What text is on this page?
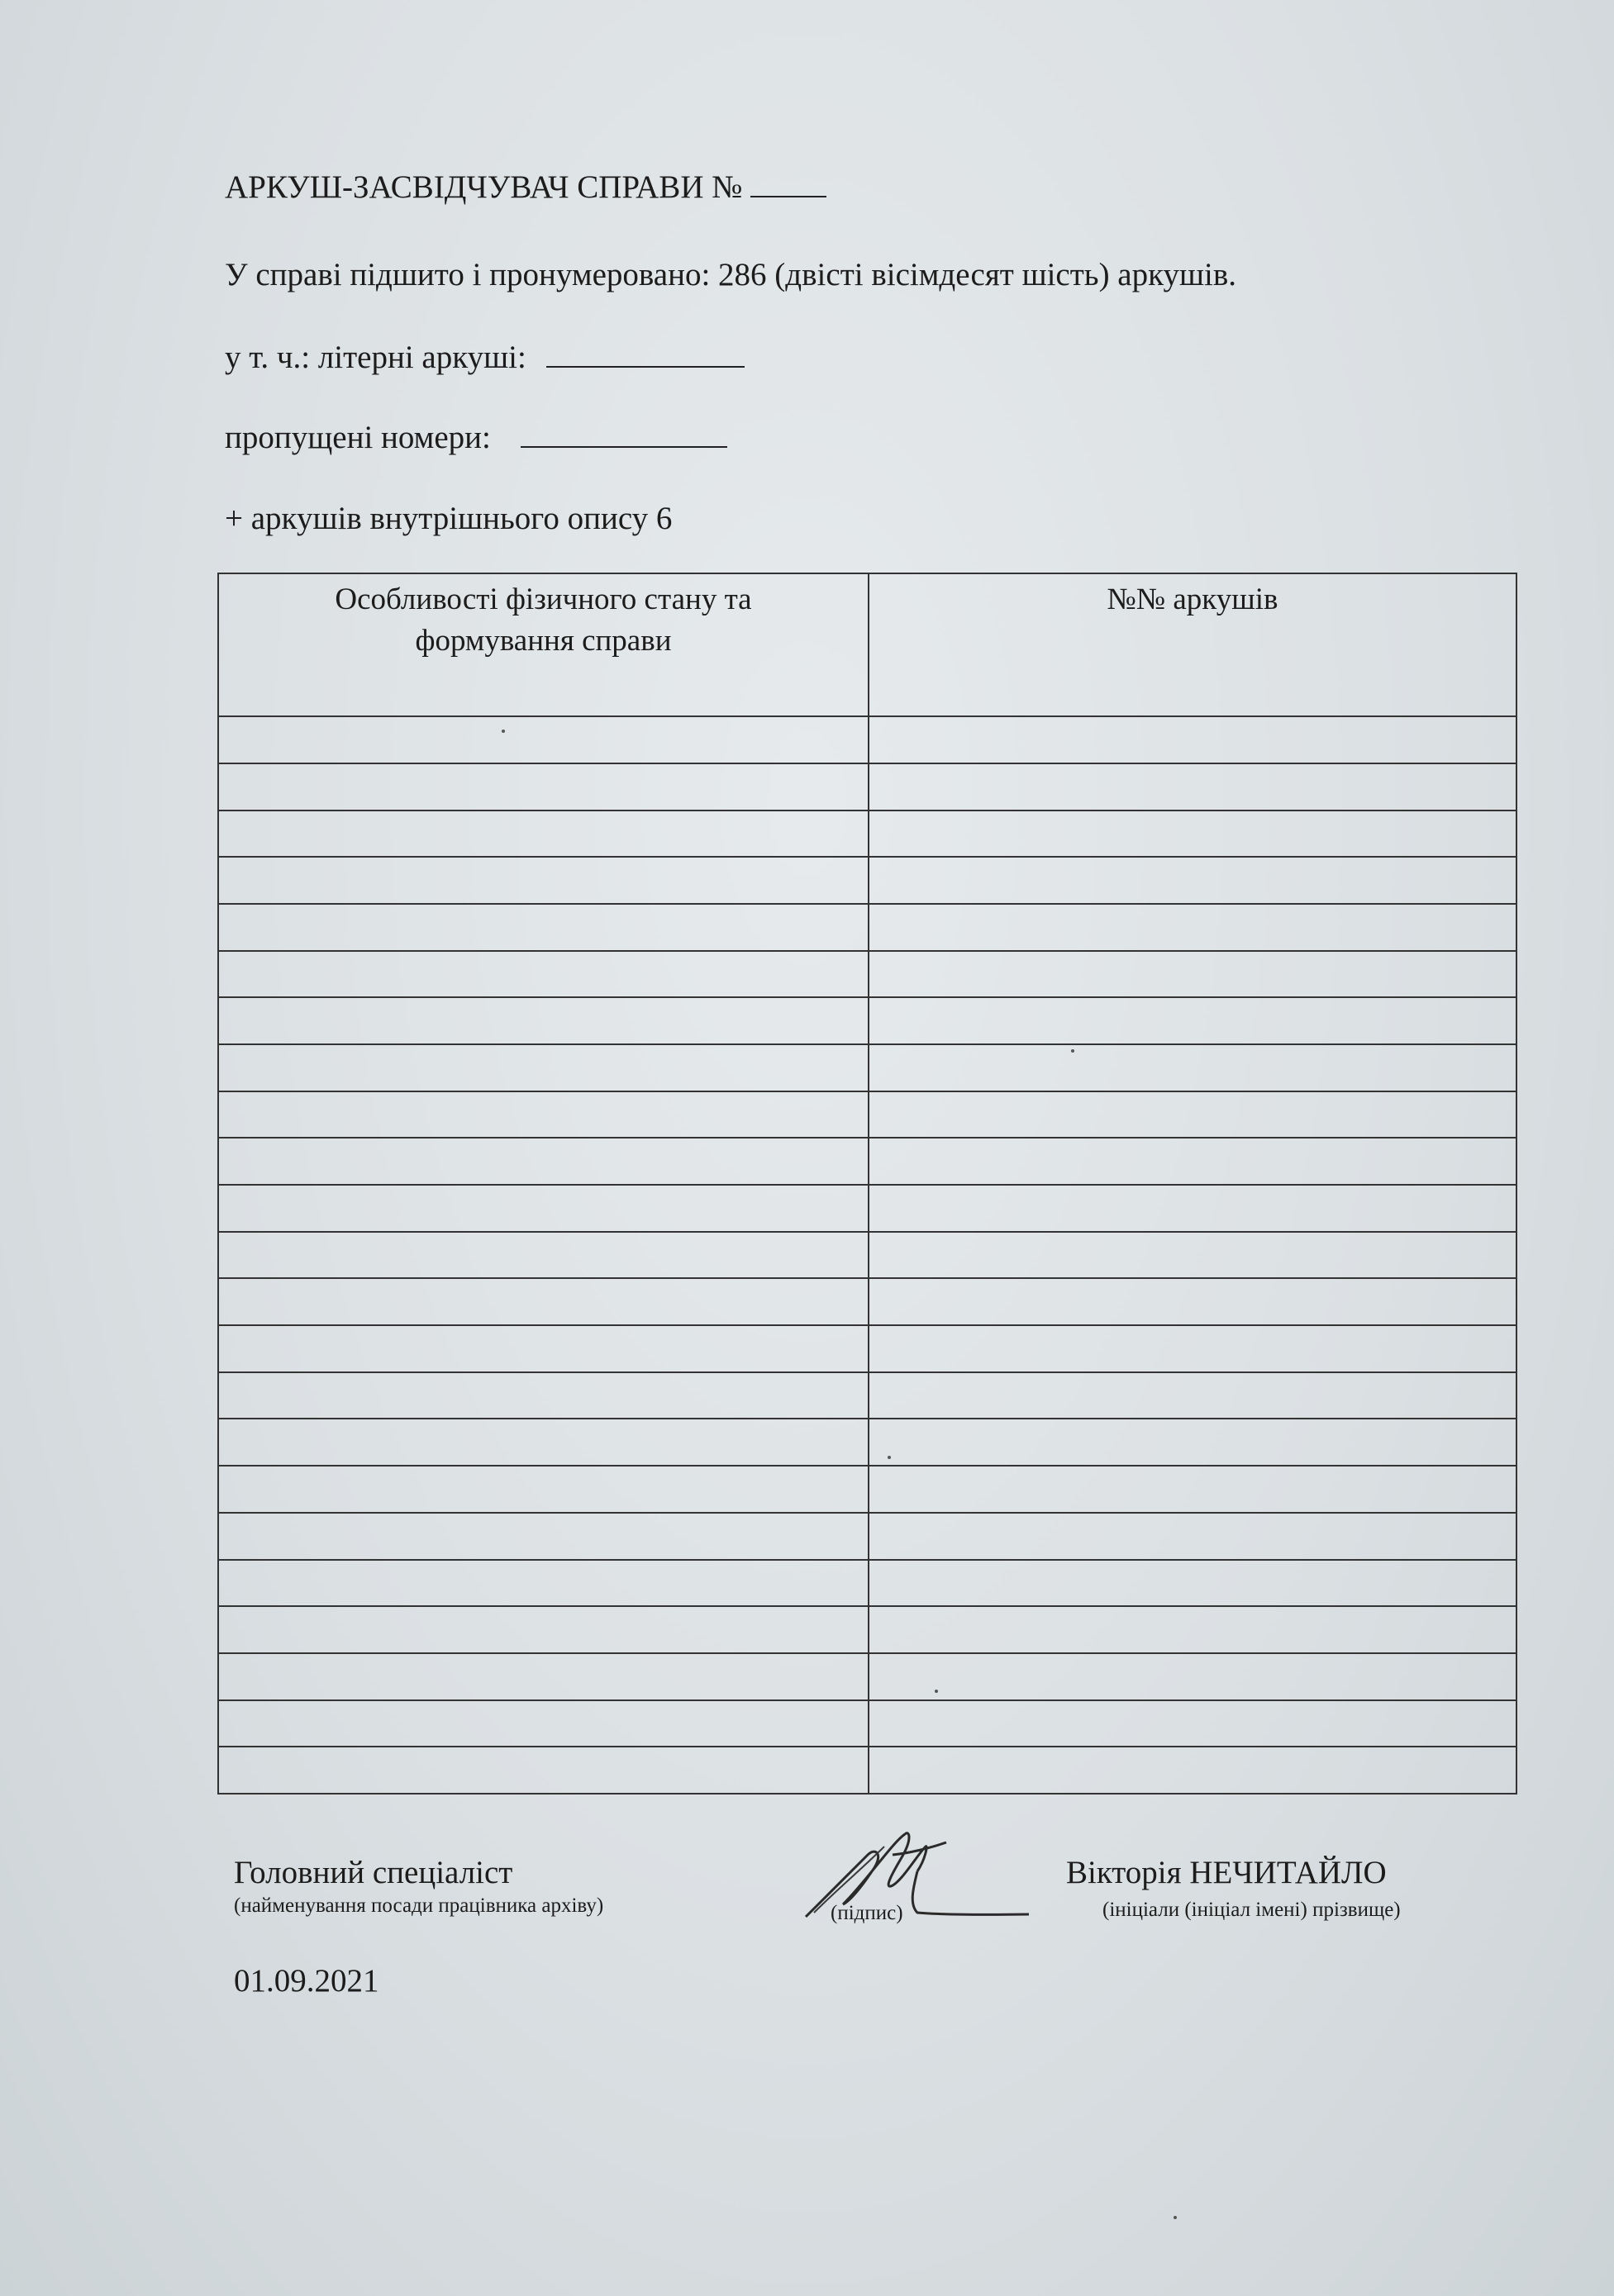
АРКУШ-ЗАСВІДЧУВАЧ СПРАВИ №
У справі підшито і пронумеровано: 286 (двісті вісімдесят шість) аркушів.
у т. ч.: літерні аркуші:
пропущені номери:
+ аркушів внутрішнього опису 6
Особливості фізичного стану та формування справи	№№ аркушів

Головний спеціаліст
(найменування посади працівника архіву)	(підпис)
Вікторія НЕЧИТАЙЛО
(ініціали (ініціал імені) прізвище)
01.09.2021
